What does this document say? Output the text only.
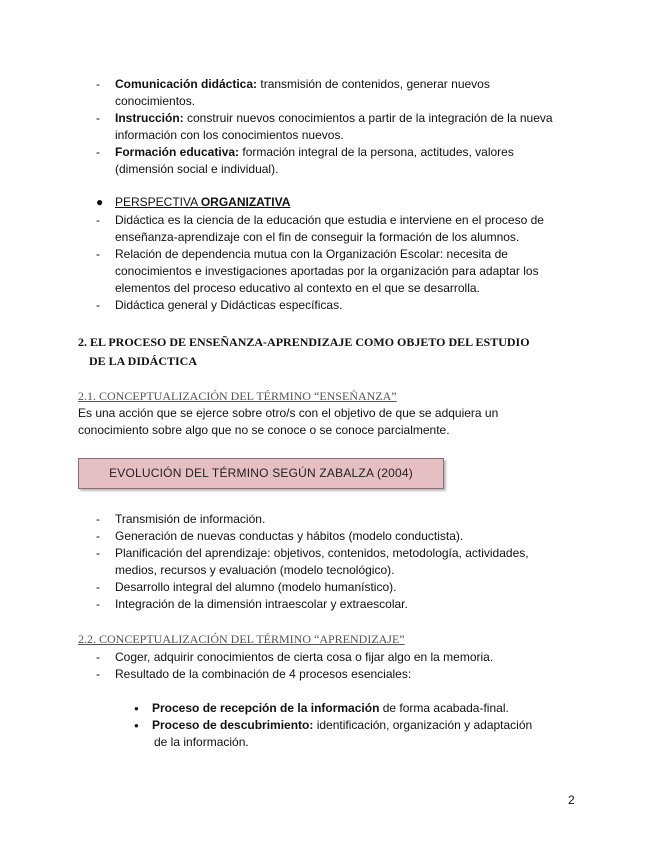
- Comunicación didáctica: transmisión de contenidos, generar nuevos conocimientos.
- Instrucción: construir nuevos conocimientos a partir de la integración de la nueva información con los conocimientos nuevos.
- Formación educativa: formación integral de la persona, actitudes, valores (dimensión social e individual).
● PERSPECTIVA ORGANIZATIVA
- Didáctica es la ciencia de la educación que estudia e interviene en el proceso de enseñanza-aprendizaje con el fin de conseguir la formación de los alumnos.
- Relación de dependencia mutua con la Organización Escolar: necesita de conocimientos e investigaciones aportadas por la organización para adaptar los elementos del proceso educativo al contexto en el que se desarrolla.
- Didáctica general y Didácticas específicas.
2. EL PROCESO DE ENSEÑANZA-APRENDIZAJE COMO OBJETO DEL ESTUDIO
DE LA DIDÁCTICA
2.1. CONCEPTUALIZACIÓN DEL TÉRMINO “ENSEÑANZA”
Es una acción que se ejerce sobre otro/s con el objetivo de que se adquiera un conocimiento sobre algo que no se conoce o se conoce parcialmente.
EVOLUCIÓN DEL TÉRMINO SEGÚN ZABALZA (2004)
- Transmisión de información.
- Generación de nuevas conductas y hábitos (modelo conductista).
- Planificación del aprendizaje: objetivos, contenidos, metodología, actividades, medios, recursos y evaluación (modelo tecnológico).
- Desarrollo integral del alumno (modelo humanístico).
- Integración de la dimensión intraescolar y extraescolar.
2.2. CONCEPTUALIZACIÓN DEL TÉRMINO “APRENDIZAJE”
- Coger, adquirir conocimientos de cierta cosa o fijar algo en la memoria.
- Resultado de la combinación de 4 procesos esenciales:
● Proceso de recepción de la información de forma acabada-final.
● Proceso de descubrimiento: identificación, organización y adaptación
de la información.
2
